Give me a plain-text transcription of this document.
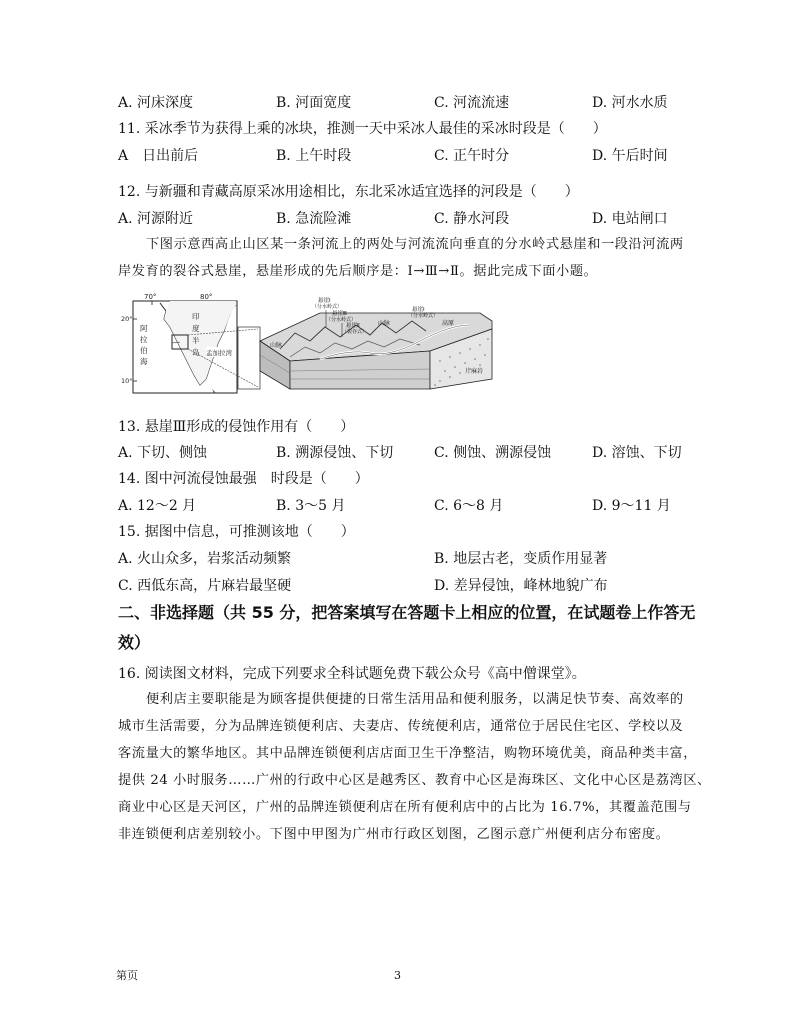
A. 河床深度	B. 河面宽度	C. 河流流速	D. 河水水质
11. 采冰季节为获得上乘的冰块，推测一天中采冰人最佳的采冰时段是（　　）
A　日出前后	B. 上午时段	C. 正午时分	D. 午后时间
12. 与新疆和青藏高原采冰用途相比，东北采冰适宜选择的河段是（　　）
A. 河源附近	B. 急流险滩	C. 静水河段	D. 电站闸口
下图示意西高止山区某一条河流上的两处与河流流向垂直的分水岭式悬崖和一段沿河流两
岸发育的裂谷式悬崖，悬崖形成的先后顺序是：Ⅰ→Ⅲ→Ⅱ。据此完成下面小题。
70°	80°
20°
10°
阿
拉
伯
海
印
度
半
岛 孟加拉湾
悬崖Ⅰ
（分水岭式）
悬崖Ⅲ
（分水岭式）
悬崖Ⅱ
（裂谷式）
悬崖Ⅰ
（分水岭式）
山脉	高原
山脉
片麻岩
13. 悬崖Ⅲ形成的侵蚀作用有（　　）
A. 下切、侧蚀	B. 溯源侵蚀、下切	C. 侧蚀、溯源侵蚀	D. 溶蚀、下切
14. 图中河流侵蚀最强　时段是（　　）
A. 12～2 月	B. 3～5 月	C. 6～8 月	D. 9～11 月
15. 据图中信息，可推测该地（　　）
A. 火山众多，岩浆活动频繁	B. 地层古老，变质作用显著
C. 西低东高，片麻岩最坚硬	D. 差异侵蚀，峰林地貌广布
二、非选择题（共 55 分，把答案填写在答题卡上相应的位置，在试题卷上作答无
效）
16. 阅读图文材料，完成下列要求全科试题免费下载公众号《高中僧课堂》。
便利店主要职能是为顾客提供便捷的日常生活用品和便利服务，以满足快节奏、高效率的
城市生活需要，分为品牌连锁便利店、夫妻店、传统便利店，通常位于居民住宅区、学校以及
客流量大的繁华地区。其中品牌连锁便利店店面卫生干净整洁，购物环境优美，商品种类丰富，
提供 24 小时服务……广州的行政中心区是越秀区、教育中心区是海珠区、文化中心区是荔湾区、
商业中心区是天河区，广州的品牌连锁便利店在所有便利店中的占比为 16.7%，其覆盖范围与
非连锁便利店差别较小。下图中甲图为广州市行政区划图，乙图示意广州便利店分布密度。
第页	3
